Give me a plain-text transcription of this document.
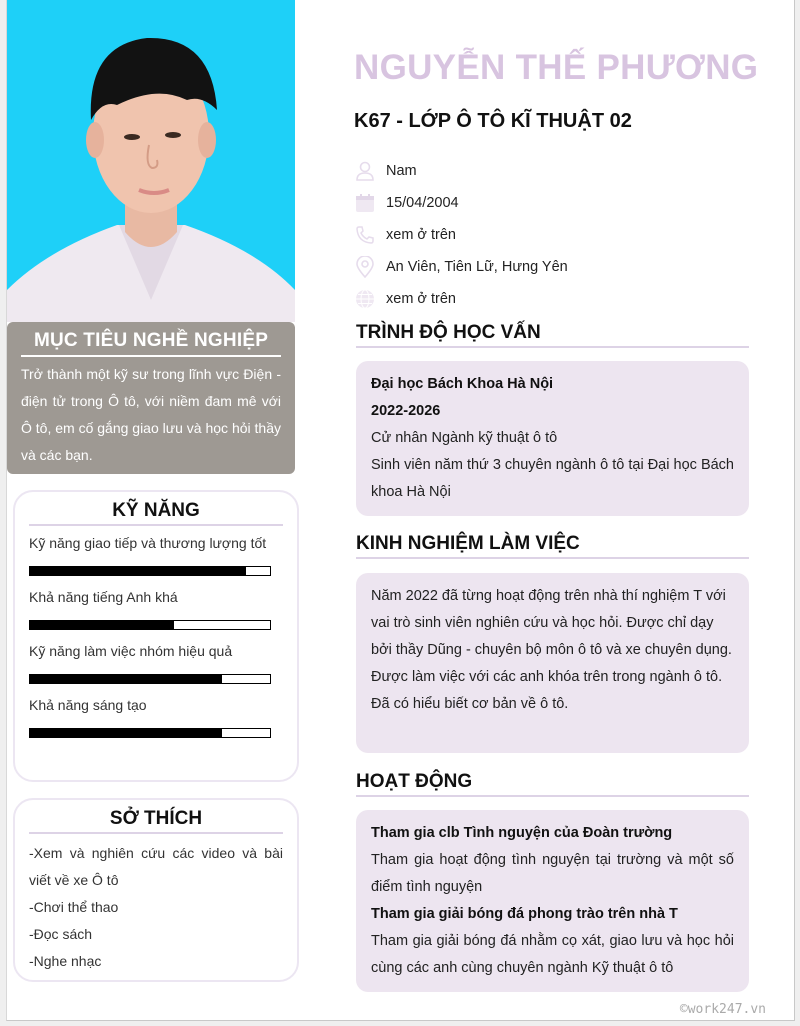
MỤC TIÊU NGHỀ NGHIỆP

Trở thành một kỹ sư trong lĩnh vực Điện - điện tử trong Ô tô, với niềm đam mê với Ô tô, em cố gắng giao lưu và học hỏi thầy và các bạn.

KỸ NĂNG
Kỹ năng giao tiếp và thương lượng tốt
Khả năng tiếng Anh khá
Kỹ năng làm việc nhóm hiệu quả
Khả năng sáng tạo
SỞ THÍCH

-Xem và nghiên cứu các video và bài viết về xe Ô tô

-Chơi thể thao

-Đọc sách

-Nghe nhạc

NGUYỄN THẾ PHƯƠNG
K67 - LỚP Ô TÔ KĨ THUẬT 02
Nam
15/04/2004
xem ở trên
An Viên, Tiên Lữ, Hưng Yên
xem ở trên
TRÌNH ĐỘ HỌC VẤN

Đại học Bách Khoa Hà Nội

2022-2026

Cử nhân Ngành kỹ thuật ô tô

Sinh viên năm thứ 3 chuyên ngành ô tô tại Đại học Bách khoa Hà Nội

KINH NGHIỆM LÀM VIỆC

Năm 2022 đã từng hoạt động trên nhà thí nghiệm T với vai trò sinh viên nghiên cứu và học hỏi. Được chỉ dạy bởi thầy Dũng - chuyên bộ môn ô tô và xe chuyên dụng. Được làm việc với các anh khóa trên trong ngành ô tô. Đã có hiểu biết cơ bản về ô tô.

HOẠT ĐỘNG

Tham gia clb Tình nguyện của Đoàn trường

Tham gia hoạt động tình nguyện tại trường và một số điểm tình nguyện

Tham gia giải bóng đá phong trào trên nhà T

Tham gia giải bóng đá nhằm cọ xát, giao lưu và học hỏi cùng các anh cùng chuyên ngành Kỹ thuật ô tô

©work247.vn
